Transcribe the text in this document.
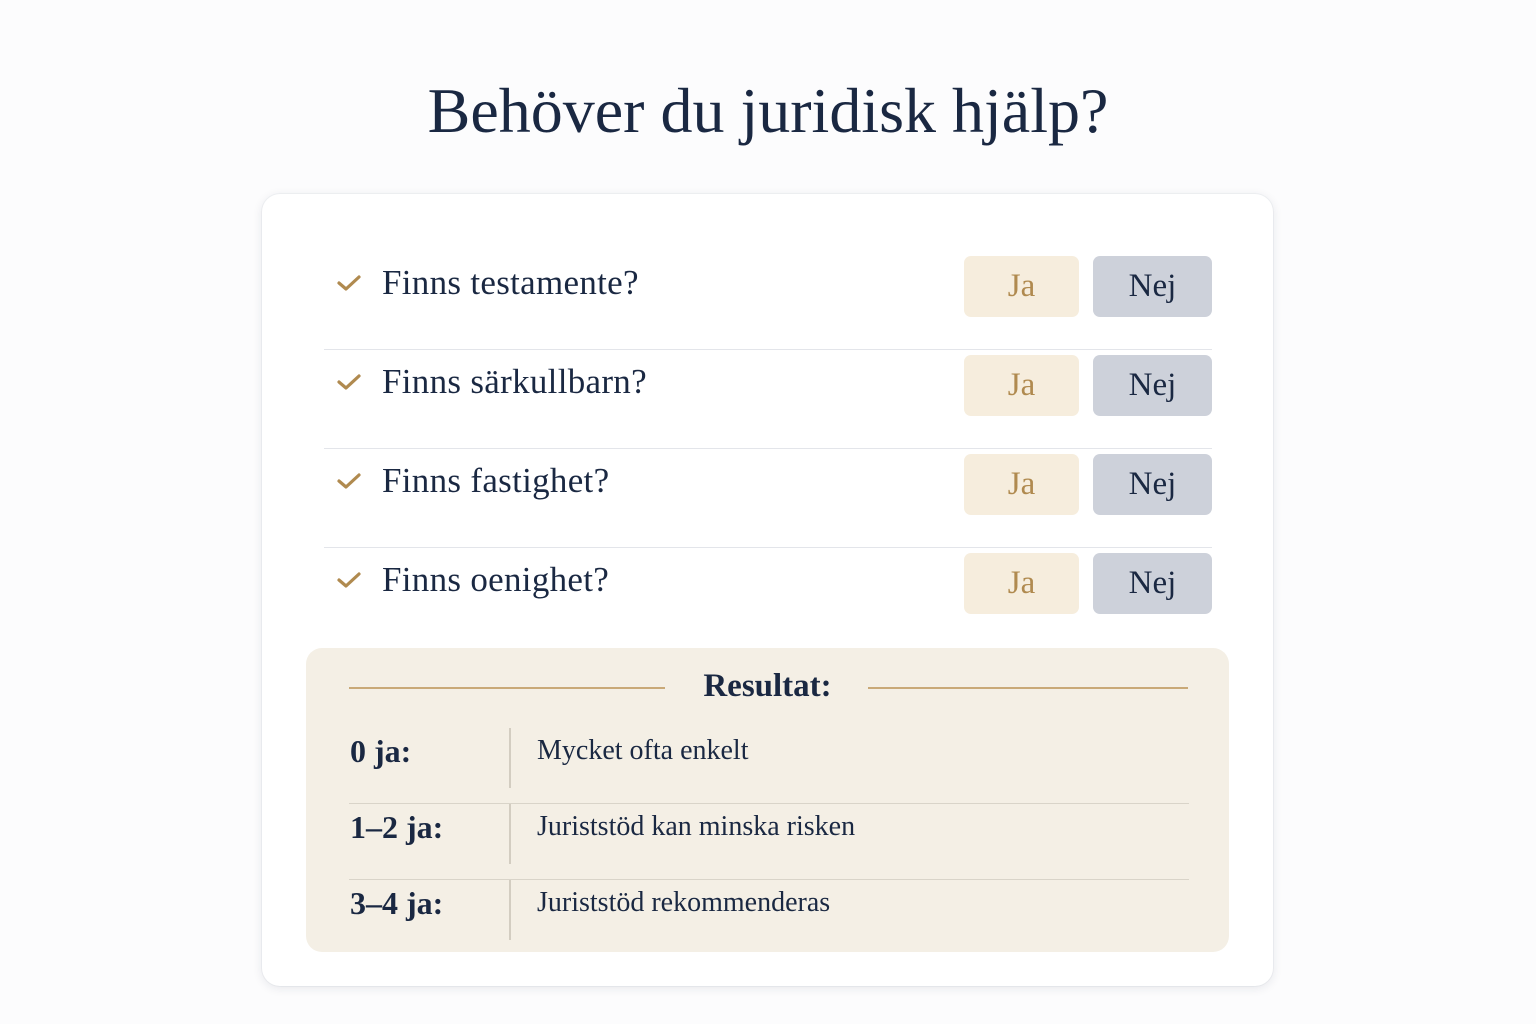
Behöver du juridisk hjälp?
Finns testamente?	Ja	Nej
Finns särkullbarn?	Ja	Nej
Finns fastighet?	Ja	Nej
Finns oenighet?	Ja	Nej
Resultat:
0 ja:	Mycket ofta enkelt
1–2 ja:	Juriststöd kan minska risken
3–4 ja:	Juriststöd rekommenderas
